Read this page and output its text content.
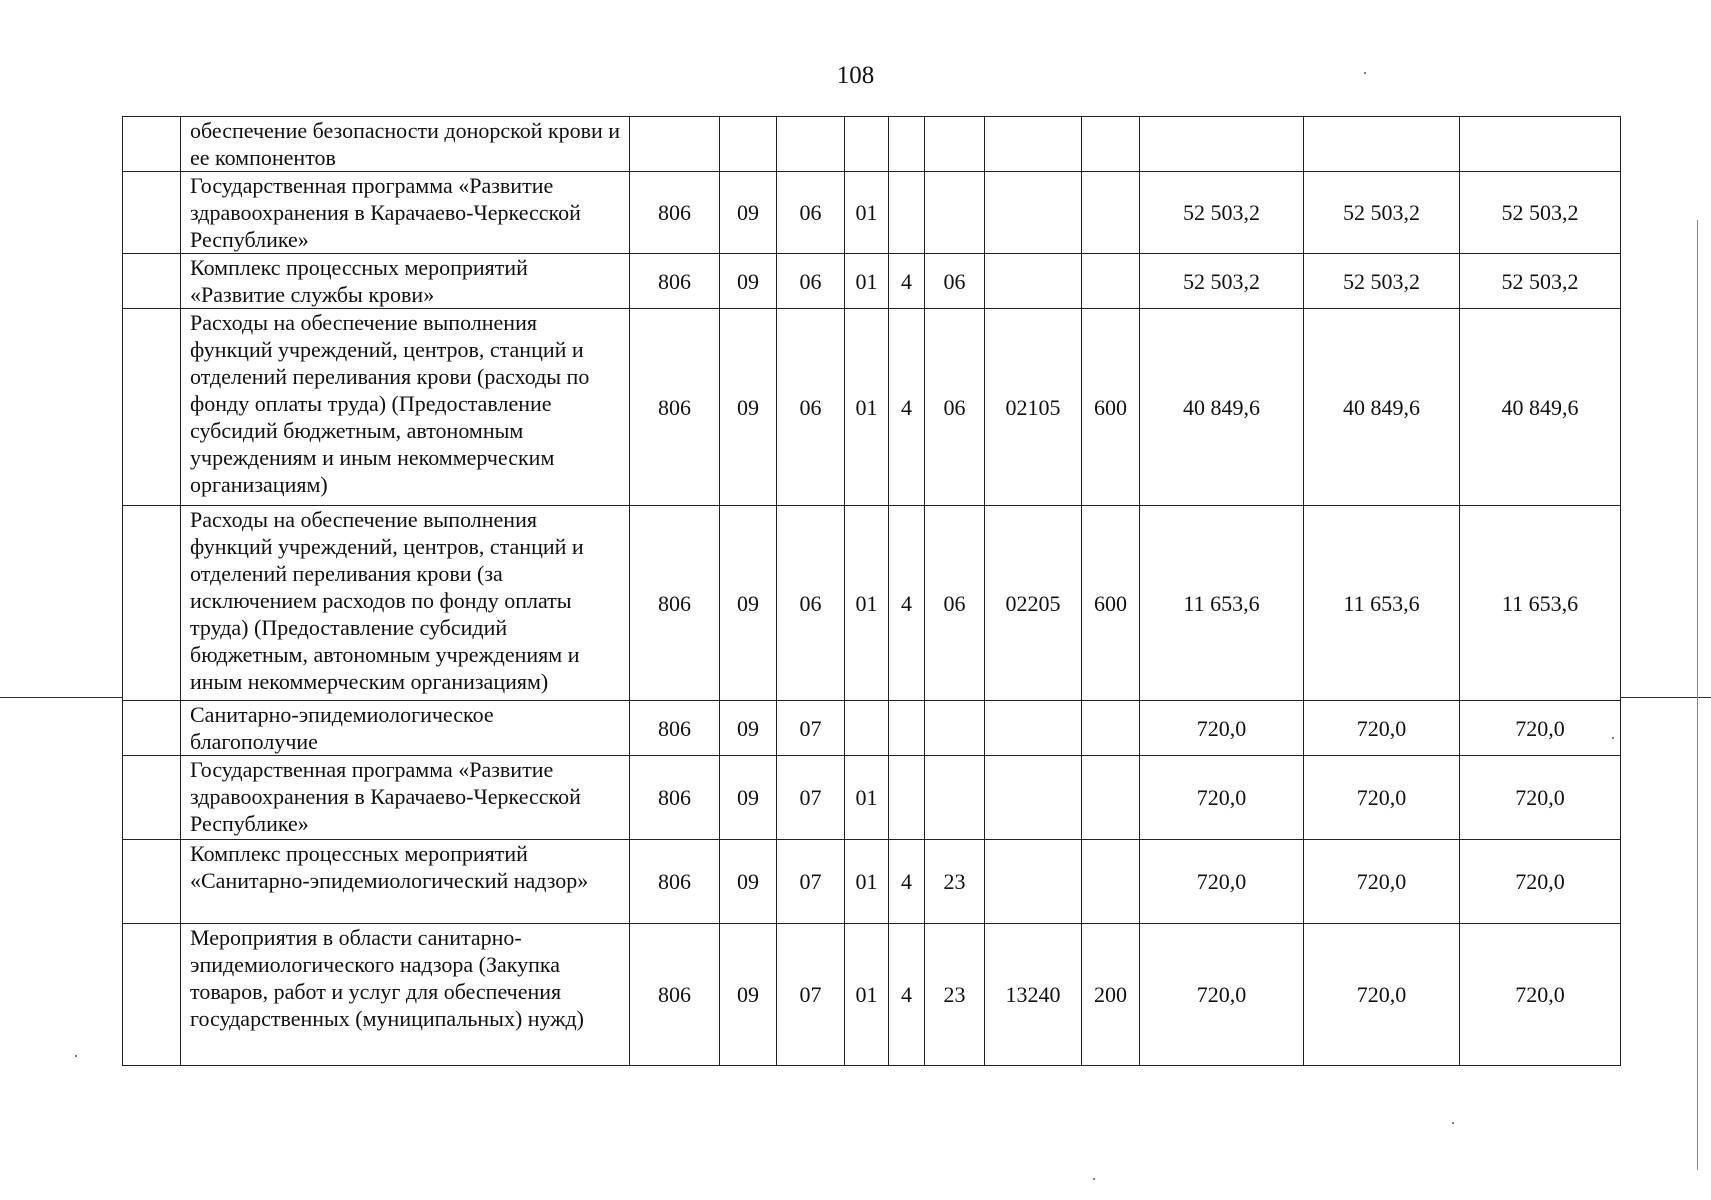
108
	обеспечение безопасности донорской крови и ее компонентов											
	Государственная программа «Развитие здравоохранения в Карачаево-Черкесской Республике»	806	09	06	01					52 503,2	52 503,2	52 503,2
	Комплекс процессных мероприятий «Развитие службы крови»	806	09	06	01	4	06			52 503,2	52 503,2	52 503,2
	Расходы на обеспечение выполнения функций учреждений, центров, станций и отделений переливания крови (расходы по фонду оплаты труда) (Предоставление субсидий бюджетным, автономным учреждениям и иным некоммерческим организациям)	806	09	06	01	4	06	02105	600	40 849,6	40 849,6	40 849,6
	Расходы на обеспечение выполнения функций учреждений, центров, станций и отделений переливания крови (за исключением расходов по фонду оплаты труда) (Предоставление субсидий бюджетным, автономным учреждениям и иным некоммерческим организациям)	806	09	06	01	4	06	02205	600	11 653,6	11 653,6	11 653,6
	Санитарно-эпидемиологическое благополучие	806	09	07						720,0	720,0	720,0
	Государственная программа «Развитие здравоохранения в Карачаево-Черкесской Республике»	806	09	07	01					720,0	720,0	720,0
	Комплекс процессных мероприятий «Санитарно-эпидемиологический надзор»	806	09	07	01	4	23			720,0	720,0	720,0
	Мероприятия в области санитарно-эпидемиологического надзора (Закупка товаров, работ и услуг для обеспечения государственных (муниципальных) нужд)	806	09	07	01	4	23	13240	200	720,0	720,0	720,0
